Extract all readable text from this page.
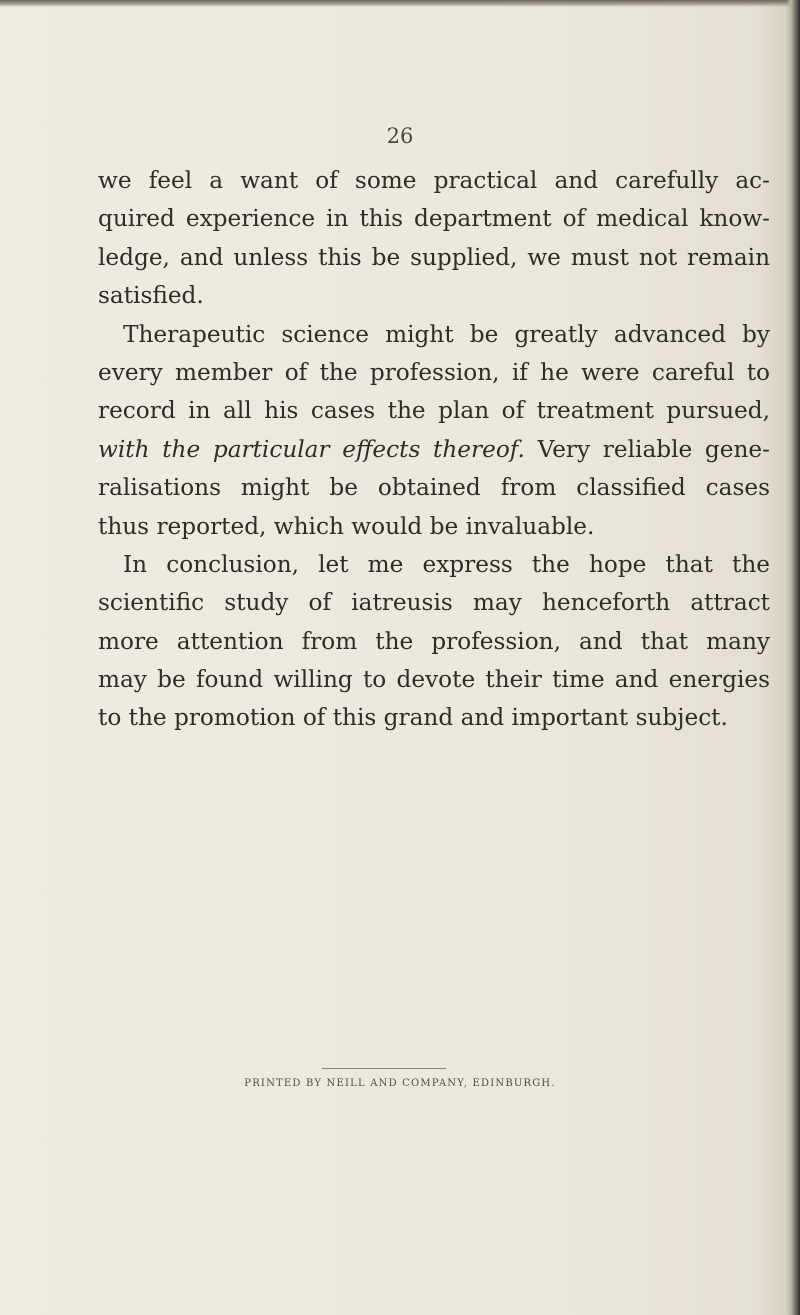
26
we feel a want of some practical and carefully ac-
quired experience in this department of medical know-
ledge, and unless this be supplied, we must not remain
satisfied.
Therapeutic science might be greatly advanced by
every member of the profession, if he were careful to
record in all his cases the plan of treatment pursued,
with the particular effects thereof. Very reliable gene-
ralisations might be obtained from classified cases
thus reported, which would be invaluable.
In conclusion, let me express the hope that the
scientific study of iatreusis may henceforth attract
more attention from the profession, and that many
may be found willing to devote their time and energies
to the promotion of this grand and important subject.
PRINTED BY NEILL AND COMPANY, EDINBURGH.
